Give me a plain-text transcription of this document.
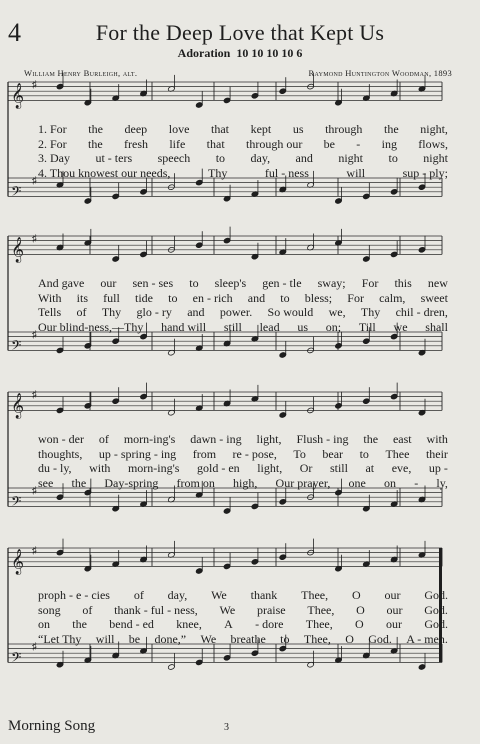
4	For the Deep Love that Kept Us
Adoration 10 10 10 10 6
William Henry Burleigh, alt.	Raymond Huntington Woodman, 1893
𝄞 ♯
𝄢
♯
1. For the deep love that kept us through the night,
2. For the fresh life that through our be - ing flows,
3. Day ut - ters speech to day, and night to night
4. Thou knowest our needs,	Thy	ful - ness	will	sup - ply;
𝄞 ♯
𝄢
♯
And gave our sen - ses to sleep's gen - tle sway; For this new
With its full tide to en - rich and to bless; For calm, sweet
Tells of Thy glo - ry and power. So would we, Thy chil - dren,
Our blind-ness,—Thy hand will still lead us on; Till we shall
𝄞 ♯
𝄢
♯
won - der of morn-ing's dawn - ing light, Flush - ing the east with
thoughts, up - spring - ing from re - pose, To bear to Thee their
du - ly, with morn-ing's gold - en light, Or still at eve, up -
see the Day-spring from on high, Our prayer, one on - ly,
𝄞 ♯
𝄢
♯
proph - e - cies of day, We thank Thee, O our God.
song of thank - ful - ness, We praise Thee, O our God.
on the bend - ed knee, A - dore Thee, O our God.
“Let Thy will be done,” We breathe to Thee, O God. A - men.
Morning Song	3
